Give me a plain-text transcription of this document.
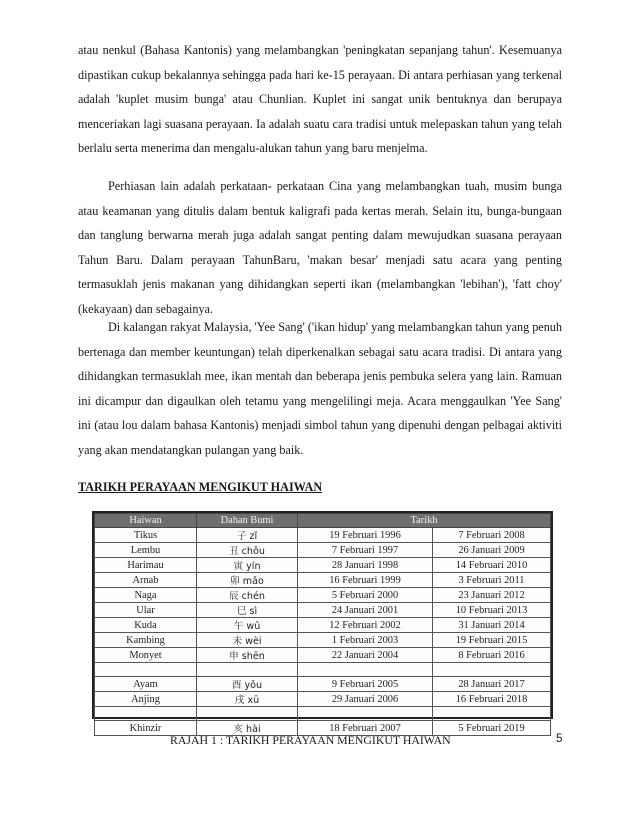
atau nenkul (Bahasa Kantonis) yang melambangkan 'peningkatan sepanjang tahun'. Kesemuanya dipastikan cukup bekalannya sehingga pada hari ke-15 perayaan. Di antara perhiasan yang terkenal adalah 'kuplet musim bunga' atau Chunlian. Kuplet ini sangat unik bentuknya dan berupaya menceriakan lagi suasana perayaan. Ia adalah suatu cara tradisi untuk melepaskan tahun yang telah berlalu serta menerima dan mengalu-alukan tahun yang baru menjelma.

Perhiasan lain adalah perkataan- perkataan Cina yang melambangkan tuah, musim bunga atau keamanan yang ditulis dalam bentuk kaligrafi pada kertas merah. Selain itu, bunga-bungaan dan tanglung berwarna merah juga adalah sangat penting dalam mewujudkan suasana perayaan Tahun Baru. Dalam perayaan TahunBaru, 'makan besar' menjadi satu acara yang penting termasuklah jenis makanan yang dihidangkan seperti ikan (melambangkan 'lebihan'), 'fatt choy' (kekayaan) dan sebagainya.

Di kalangan rakyat Malaysia, 'Yee Sang' ('ikan hidup' yang melambangkan tahun yang penuh bertenaga dan member keuntungan) telah diperkenalkan sebagai satu acara tradisi. Di antara yang dihidangkan termasuklah mee, ikan mentah dan beberapa jenis pembuka selera yang lain. Ramuan ini dicampur dan digaulkan oleh tetamu yang mengelilingi meja. Acara menggaulkan 'Yee Sang' ini (atau lou dalam bahasa Kantonis) menjadi simbol tahun yang dipenuhi dengan pelbagai aktiviti yang akan mendatangkan pulangan yang baik.

TARIKH PERAYAAN MENGIKUT HAIWAN

Haiwan	Dahan Bumi	Tarikh	
Tikus	子 zǐ	19 Februari 1996	7 Februari 2008
Lembu	丑 chǒu	7 Februari 1997	26 Januari 2009
Harimau	寅 yín	28 Januari 1998	14 Februari 2010
Arnab	卯 mǎo	16 Februari 1999	3 Februari 2011
Naga	辰 chén	5 Februari 2000	23 Januari 2012
Ular	巳 sì	24 Januari 2001	10 Februari 2013
Kuda	午 wǔ	12 Februari 2002	31 Januari 2014
Kambing	未 wèi	1 Februari 2003	19 Februari 2015
Monyet	申 shēn	22 Januari 2004	8 Februari 2016

Ayam	酉 yǒu	9 Februari 2005	28 Januari 2017
Anjing	戌 xū	29 Januari 2006	16 Februari 2018

Khinzir	亥 hài	18 Februari 2007	5 Februari 2019

RAJAH 1 : TARIKH PERAYAAN MENGIKUT HAIWAN	5
